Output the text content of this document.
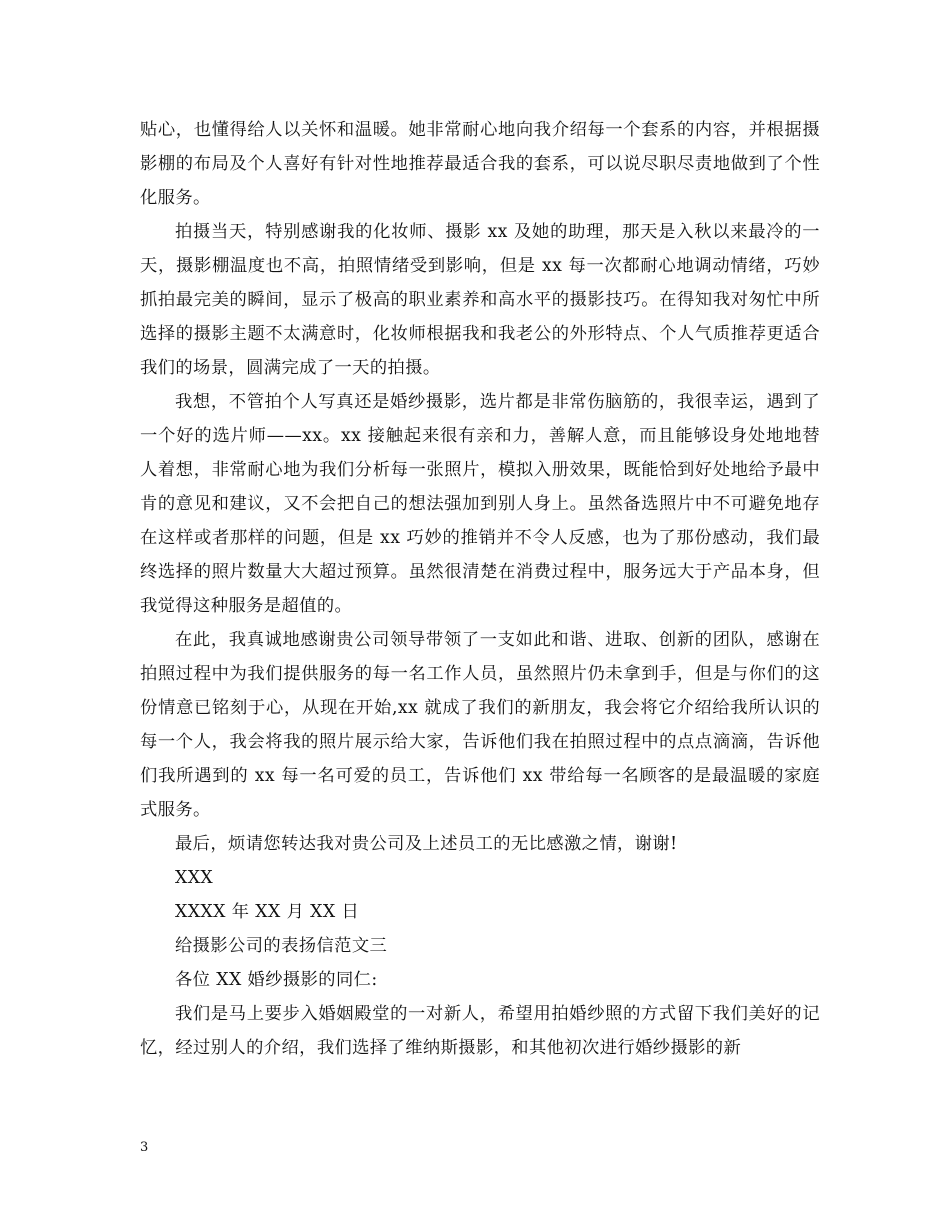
贴心，也懂得给人以关怀和温暖。她非常耐心地向我介绍每一个套系的内容，并根据摄影棚的布局及个人喜好有针对性地推荐最适合我的套系，可以说尽职尽责地做到了个性化服务。

拍摄当天，特别感谢我的化妆师、摄影 xx 及她的助理，那天是入秋以来最冷的一天，摄影棚温度也不高，拍照情绪受到影响，但是 xx 每一次都耐心地调动情绪，巧妙抓拍最完美的瞬间，显示了极高的职业素养和高水平的摄影技巧。在得知我对匆忙中所选择的摄影主题不太满意时，化妆师根据我和我老公的外形特点、个人气质推荐更适合我们的场景，圆满完成了一天的拍摄。

我想，不管拍个人写真还是婚纱摄影，选片都是非常伤脑筋的，我很幸运，遇到了一个好的选片师——xx。xx 接触起来很有亲和力，善解人意，而且能够设身处地地替人着想，非常耐心地为我们分析每一张照片，模拟入册效果，既能恰到好处地给予最中肯的意见和建议，又不会把自己的想法强加到别人身上。虽然备选照片中不可避免地存在这样或者那样的问题，但是 xx 巧妙的推销并不令人反感，也为了那份感动，我们最终选择的照片数量大大超过预算。虽然很清楚在消费过程中，服务远大于产品本身，但我觉得这种服务是超值的。

在此，我真诚地感谢贵公司领导带领了一支如此和谐、进取、创新的团队，感谢在拍照过程中为我们提供服务的每一名工作人员，虽然照片仍未拿到手，但是与你们的这份情意已铭刻于心，从现在开始,xx 就成了我们的新朋友，我会将它介绍给我所认识的每一个人，我会将我的照片展示给大家，告诉他们我在拍照过程中的点点滴滴，告诉他们我所遇到的 xx 每一名可爱的员工，告诉他们 xx 带给每一名顾客的是最温暖的家庭式服务。

最后，烦请您转达我对贵公司及上述员工的无比感激之情，谢谢!

XXX

XXXX 年 XX 月 XX 日

给摄影公司的表扬信范文三

各位 XX 婚纱摄影的同仁:

我们是马上要步入婚姻殿堂的一对新人，希望用拍婚纱照的方式留下我们美好的记忆，经过别人的介绍，我们选择了维纳斯摄影，和其他初次进行婚纱摄影的新

3
